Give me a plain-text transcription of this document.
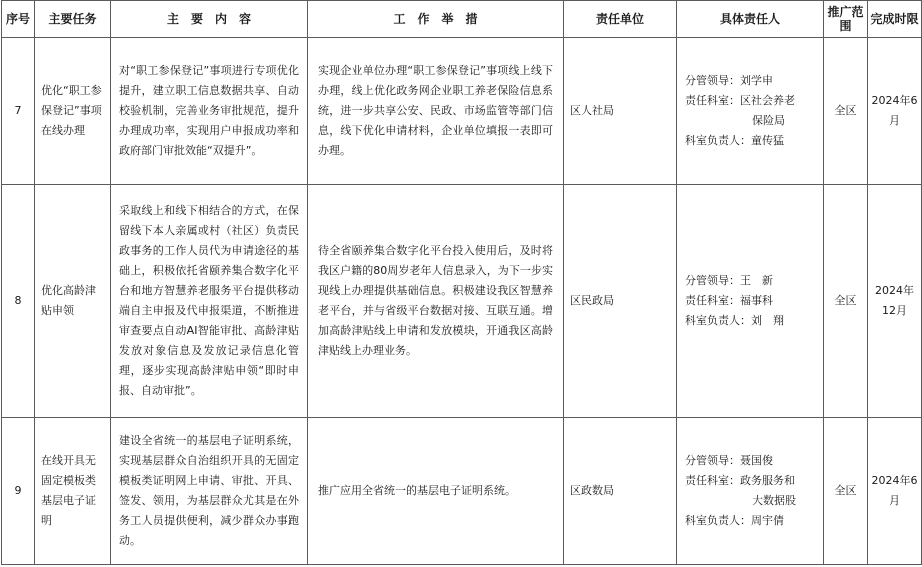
序号	主要任务	主　要　内　容	工　作　举　措	责任单位	具体责任人	推广范围	完成时限
7	优化“职工参保登记”事项在线办理	对“职工参保登记”事项进行专项优化提升，建立职工信息数据共享、自动校验机制，完善业务审批规范，提升办理成功率，实现用户申报成功率和政府部门审批效能“双提升”。	实现企业单位办理“职工参保登记”事项线上线下办理，线上优化政务网企业职工养老保险信息系统，进一步共享公安、民政、市场监管等部门信息，线下优化申请材料，企业单位填报一表即可办理。	区人社局	分管领导：刘学申
责任科室：区社会养老
保险局
科室负责人：童传猛	全区	2024年6月
8	优化高龄津贴申领	采取线上和线下相结合的方式，在保留线下本人亲属或村（社区）负责民政事务的工作人员代为申请途径的基础上，积极依托省颐养集合数字化平台和地方智慧养老服务平台提供移动端自主申报及代申报渠道，不断推进审查要点自动AI智能审批、高龄津贴发放对象信息及发放记录信息化管理，逐步实现高龄津贴申领“即时申报、自动审批”。	待全省颐养集合数字化平台投入使用后，及时将我区户籍的80周岁老年人信息录入，为下一步实现线上办理提供基础信息。积极建设我区智慧养老平台，并与省级平台数据对接、互联互通。增加高龄津贴线上申请和发放模块，开通我区高龄津贴线上办理业务。	区民政局	分管领导：王　新
责任科室：福事科
科室负责人：刘　翔	全区	2024年12月
9	在线开具无固定模板类基层电子证明	建设全省统一的基层电子证明系统，实现基层群众自治组织开具的无固定模板类证明网上申请、审批、开具、签发、领用，为基层群众尤其是在外务工人员提供便利，减少群众办事跑动。	推广应用全省统一的基层电子证明系统。	区政数局	分管领导：聂国俊
责任科室：政务服务和
大数据股
科室负责人：周宇倩	全区	2024年6月
